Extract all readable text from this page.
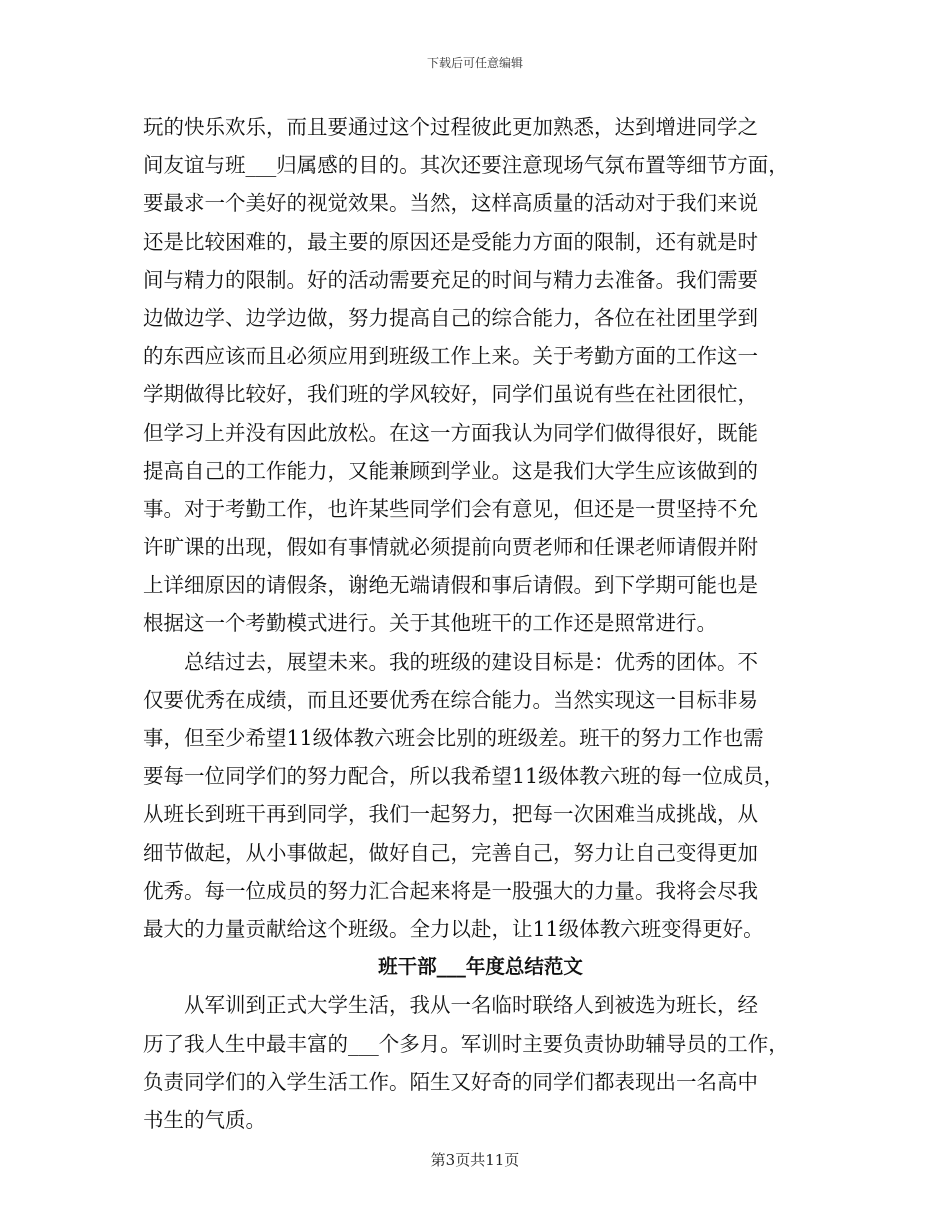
下载后可任意编辑
玩的快乐欢乐，而且要通过这个过程彼此更加熟悉，达到增进同学之
间友谊与班___归属感的目的。其次还要注意现场气氛布置等细节方面，
要最求一个美好的视觉效果。当然，这样高质量的活动对于我们来说
还是比较困难的，最主要的原因还是受能力方面的限制，还有就是时
间与精力的限制。好的活动需要充足的时间与精力去准备。我们需要
边做边学、边学边做，努力提高自己的综合能力，各位在社团里学到
的东西应该而且必须应用到班级工作上来。关于考勤方面的工作这一
学期做得比较好，我们班的学风较好，同学们虽说有些在社团很忙，
但学习上并没有因此放松。在这一方面我认为同学们做得很好，既能
提高自己的工作能力，又能兼顾到学业。这是我们大学生应该做到的
事。对于考勤工作，也许某些同学们会有意见，但还是一贯坚持不允
许旷课的出现，假如有事情就必须提前向贾老师和任课老师请假并附
上详细原因的请假条，谢绝无端请假和事后请假。到下学期可能也是
根据这一个考勤模式进行。关于其他班干的工作还是照常进行。
总结过去，展望未来。我的班级的建设目标是：优秀的团体。不
仅要优秀在成绩，而且还要优秀在综合能力。当然实现这一目标非易
事，但至少希望11级体教六班会比别的班级差。班干的努力工作也需
要每一位同学们的努力配合，所以我希望11级体教六班的每一位成员，
从班长到班干再到同学，我们一起努力，把每一次困难当成挑战，从
细节做起，从小事做起，做好自己，完善自己，努力让自己变得更加
优秀。每一位成员的努力汇合起来将是一股强大的力量。我将会尽我
最大的力量贡献给这个班级。全力以赴，让11级体教六班变得更好。
班干部___年度总结范文
从军训到正式大学生活，我从一名临时联络人到被选为班长，经
历了我人生中最丰富的___个多月。军训时主要负责协助辅导员的工作，
负责同学们的入学生活工作。陌生又好奇的同学们都表现出一名高中
书生的气质。
第3页共11页
